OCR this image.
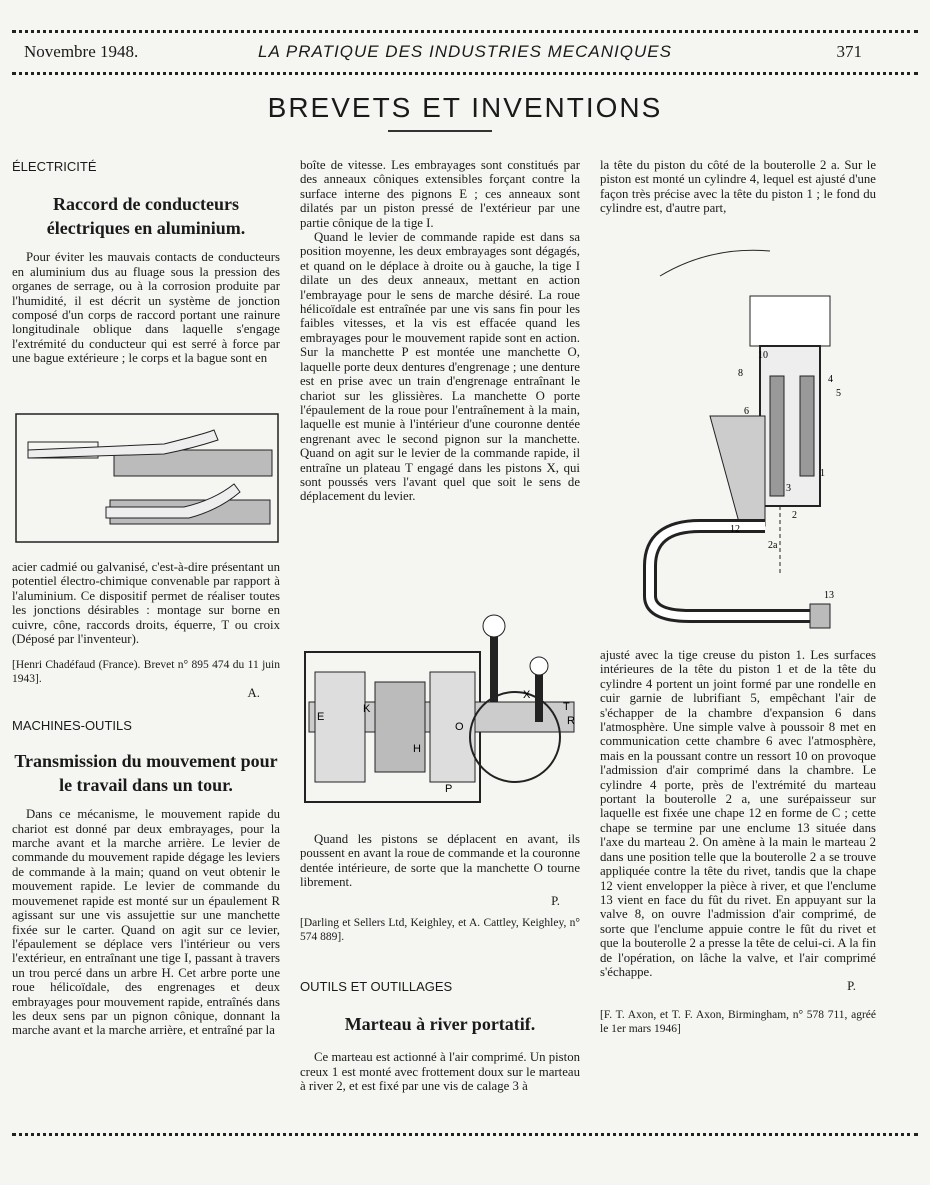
Novembre 1948.	LA PRATIQUE DES INDUSTRIES MECANIQUES	371
BREVETS ET INVENTIONS
ÉLECTRICITÉ
Raccord de conducteurs électriques en aluminium.

Pour éviter les mauvais contacts de conducteurs en aluminium dus au fluage sous la pression des organes de serrage, ou à la corrosion produite par l'humidité, il est décrit un système de jonction composé d'un corps de raccord portant une rainure longitudinale oblique dans laquelle s'engage l'extrémité du conducteur qui est serré à force par une bague extérieure ; le corps et la bague sont en

acier cadmié ou galvanisé, c'est-à-dire présentant un potentiel électro-chimique convenable par rapport à l'aluminium. Ce dispositif permet de réaliser toutes les jonctions désirables : montage sur borne en cuivre, cône, raccords droits, équerre, T ou croix (Déposé par l'inventeur).

[Henri Chadéfaud (France). Brevet n° 895 474 du 11 juin 1943].
A.
MACHINES-OUTILS
Transmission du mouvement pour le travail dans un tour.

Dans ce mécanisme, le mouvement rapide du chariot est donné par deux embrayages, pour la marche avant et la marche arrière. Le levier de commande du mouvement rapide dégage les leviers de commande à la main; quand on veut obtenir le mouvement rapide. Le levier de commande du mouvemenet rapide est monté sur un épaulement R agissant sur une vis assujettie sur une manchette fixée sur le carter. Quand on agit sur ce levier, l'épaulement se déplace vers l'intérieur ou vers l'extérieur, en entraînant une tige I, passant à travers un trou percé dans un arbre H. Cet arbre porte une roue hélicoïdale, des engrenages et deux embrayages pour mouvement rapide, entraînés dans les deux sens par un pignon cônique, donnant la marche avant et la marche arrière, et entraîné par la

boîte de vitesse. Les embrayages sont constitués par des anneaux côniques extensibles forçant contre la surface interne des pignons E ; ces anneaux sont dilatés par un piston pressé de l'extérieur par une partie cônique de la tige I.

Quand le levier de commande rapide est dans sa position moyenne, les deux embrayages sont dégagés, et quand on le déplace à droite ou à gauche, la tige I dilate un des deux anneaux, mettant en action l'embrayage pour le sens de marche désiré. La roue hélicoïdale est entraînée par une vis sans fin pour les faibles vitesses, et la vis est effacée quand les embrayages pour le mouvement rapide sont en action. Sur la manchette P est montée une manchette O, laquelle porte deux dentures d'engrenage ; une denture est en prise avec un train d'engrenage entraînant le chariot sur les glissières. La manchette O porte l'épaulement de la roue pour l'entraînement à la main, laquelle est munie à l'intérieur d'une couronne dentée engrenant avec le second pignon sur la manchette. Quand on agit sur le levier de la commande rapide, il entraîne un plateau T engagé dans les pistons X, qui sont poussés vers l'avant quel que soit le sens de déplacement du levier.

E
K
H
P
X
T
R
O

Quand les pistons se déplacent en avant, ils poussent en avant la roue de commande et la couronne dentée intérieure, de sorte que la manchette O tourne librement.

P.
[Darling et Sellers Ltd, Keighley, et A. Cattley, Keighley, n° 574 889].
OUTILS ET OUTILLAGES
Marteau à river portatif.

Ce marteau est actionné à l'air comprimé. Un piston creux 1 est monté avec frottement doux sur le marteau à river 2, et est fixé par une vis de calage 3 à

la tête du piston du côté de la bouterolle 2 a. Sur le piston est monté un cylindre 4, lequel est ajusté d'une façon très précise avec la tête du piston 1 ; le fond du cylindre est, d'autre part,

10
8
6
5
4
1
3
2
2a
12
13

ajusté avec la tige creuse du piston 1. Les surfaces intérieures de la tête du piston 1 et de la tête du cylindre 4 portent un joint formé par une rondelle en cuir garnie de lubrifiant 5, empêchant l'air de s'échapper de la chambre d'expansion 6 dans l'atmosphère. Une simple valve à poussoir 8 met en communication cette chambre 6 avec l'atmosphère, mais en la poussant contre un ressort 10 on provoque l'admission d'air comprimé dans la chambre. Le cylindre 4 porte, près de l'extrémité du marteau portant la bouterolle 2 a, une surépaisseur sur laquelle est fixée une chape 12 en forme de C ; cette chape se termine par une enclume 13 située dans l'axe du marteau 2. On amène à la main le marteau 2 dans une position telle que la bouterolle 2 a se trouve appliquée contre la tête du rivet, tandis que la chape 12 vient envelopper la pièce à river, et que l'enclume 13 vient en face du fût du rivet. En appuyant sur la valve 8, on ouvre l'admission d'air comprimé, de sorte que l'enclume appuie contre le fût du rivet et que la bouterolle 2 a presse la tête de celui-ci. A la fin de l'opération, on lâche la valve, et l'air comprimé s'échappe.

P.
[F. T. Axon, et T. F. Axon, Birmingham, n° 578 711, agréé le 1er mars 1946]
